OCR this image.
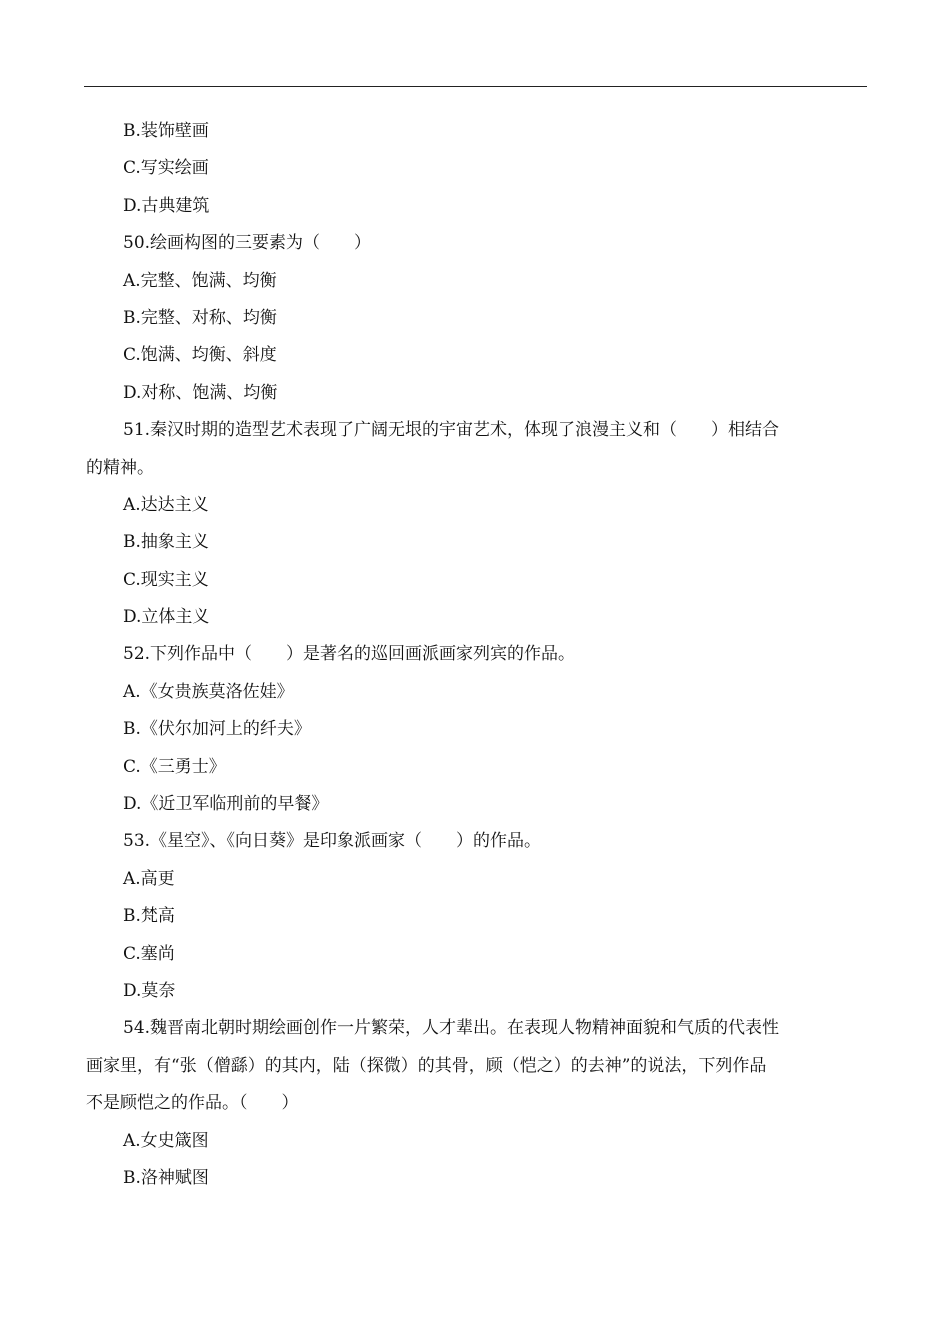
B.装饰壁画
C.写实绘画
D.古典建筑
50.绘画构图的三要素为（　　）
A.完整、饱满、均衡
B.完整、对称、均衡
C.饱满、均衡、斜度
D.对称、饱满、均衡
51.秦汉时期的造型艺术表现了广阔无垠的宇宙艺术，体现了浪漫主义和（　　）相结合
的精神。
A.达达主义
B.抽象主义
C.现实主义
D.立体主义
52.下列作品中（　　）是著名的巡回画派画家列宾的作品。
A.《女贵族莫洛佐娃》
B.《伏尔加河上的纤夫》
C.《三勇士》
D.《近卫军临刑前的早餐》
53.《星空》、《向日葵》是印象派画家（　　）的作品。
A.高更
B.梵高
C.塞尚
D.莫奈
54.魏晋南北朝时期绘画创作一片繁荣，人才辈出。在表现人物精神面貌和气质的代表性
画家里，有“张（僧繇）的其内，陆（探微）的其骨，顾（恺之）的去神”的说法，下列作品
不是顾恺之的作品。（　　）
A.女史箴图
B.洛神赋图
